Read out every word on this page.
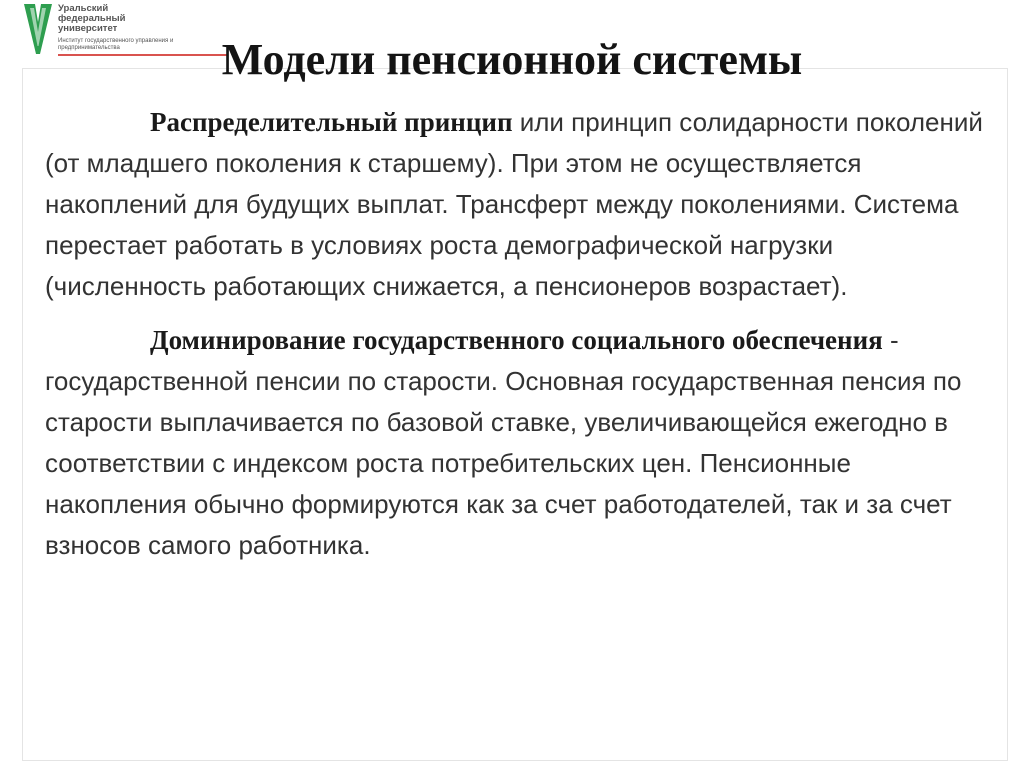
Уральский
федеральный
университет
Институт государственного управления и предпринимательства	Модели пенсионной системы

Распределительный принцип или принцип солидарности поколений (от младшего поколения к старшему). При этом не осуществляется накоплений для будущих выплат. Трансферт между поколениями. Система перестает работать в условиях роста демографической нагрузки (численность работающих снижается, а пенсионеров возрастает).

Доминирование государственного социального обеспечения - государственной пенсии по старости. Основная государственная пенсия по старости выплачивается по базовой ставке, увеличивающейся ежегодно в соответствии с индексом роста потребительских цен. Пенсионные накопления обычно формируются как за счет работодателей, так и за счет взносов самого работника.
